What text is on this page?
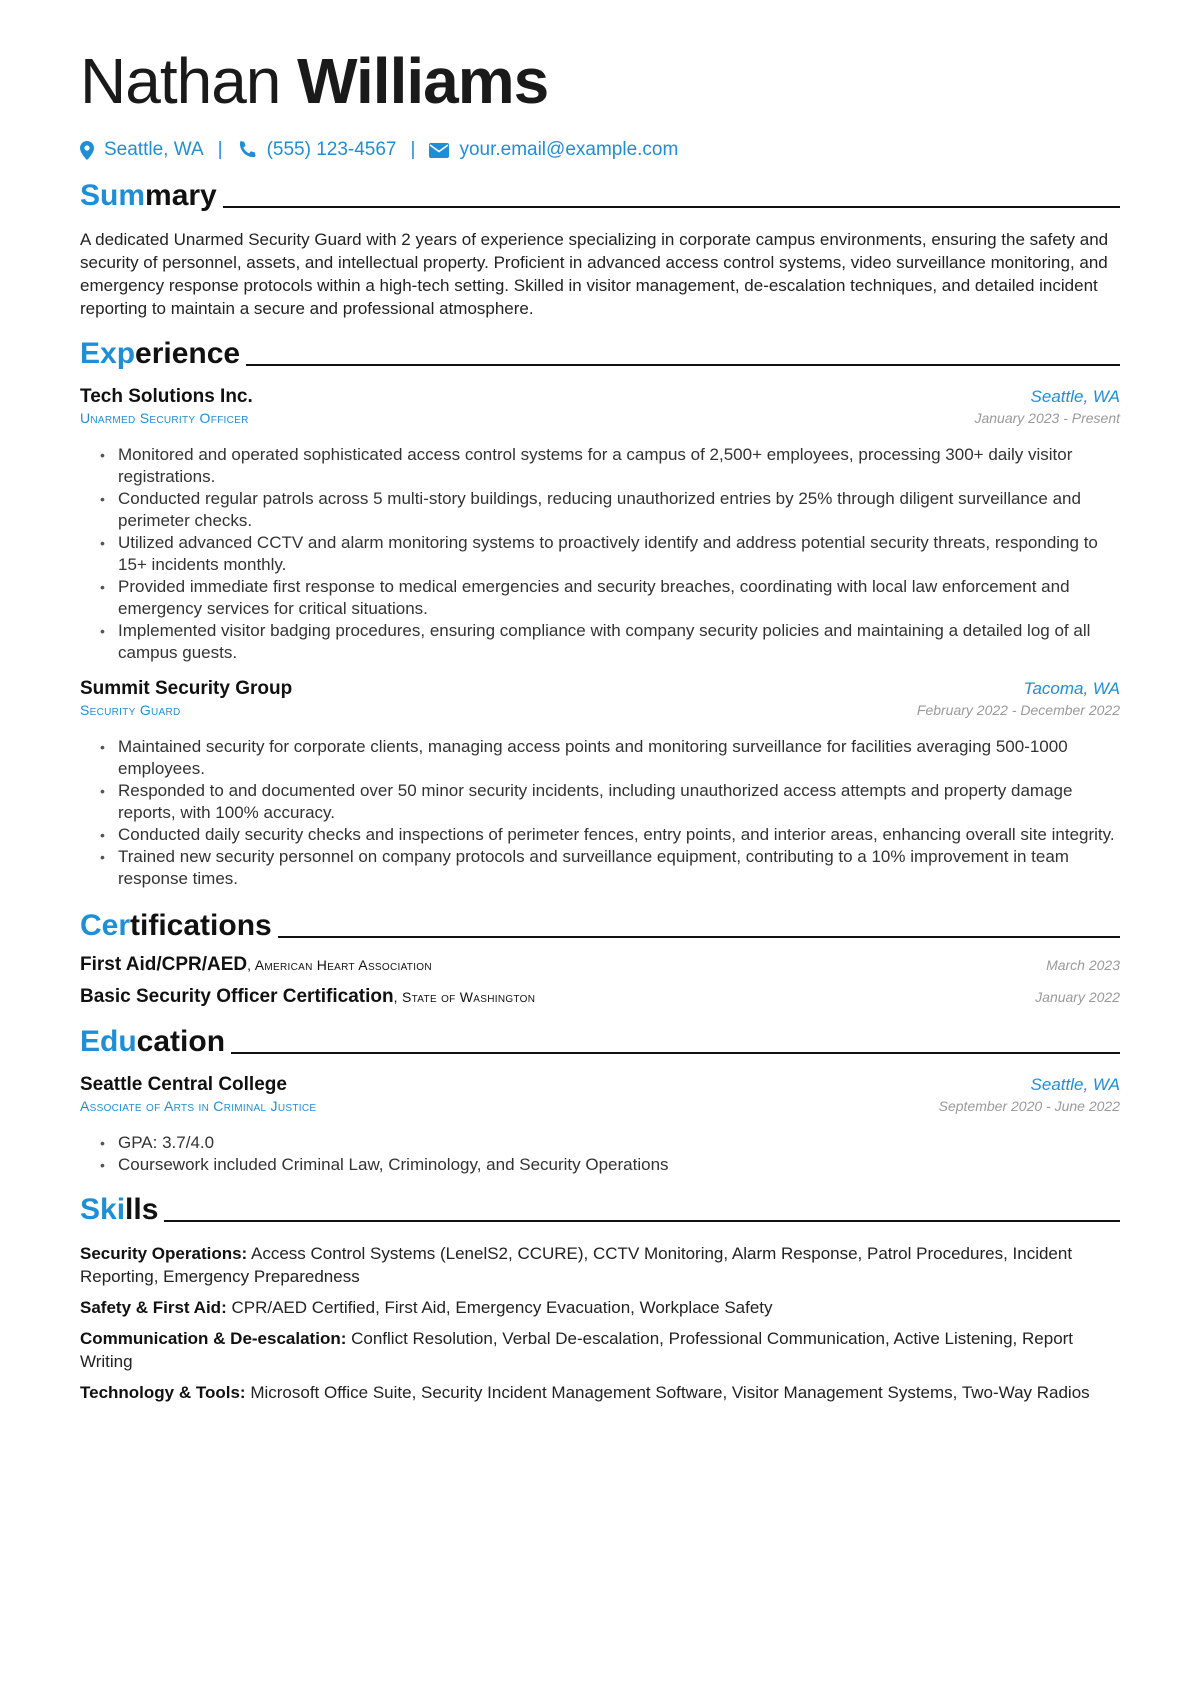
Nathan Williams
Seattle, WA | (555) 123-4567 | your.email@example.com
Summary
A dedicated Unarmed Security Guard with 2 years of experience specializing in corporate campus environments, ensuring the safety and security of personnel, assets, and intellectual property. Proficient in advanced access control systems, video surveillance monitoring, and emergency response protocols within a high-tech setting. Skilled in visitor management, de-escalation techniques, and detailed incident reporting to maintain a secure and professional atmosphere.
Experience
Tech Solutions Inc.	Seattle, WA
Unarmed Security Officer	January 2023 - Present
• Monitored and operated sophisticated access control systems for a campus of 2,500+ employees, processing 300+ daily visitor registrations.
• Conducted regular patrols across 5 multi-story buildings, reducing unauthorized entries by 25% through diligent surveillance and perimeter checks.
• Utilized advanced CCTV and alarm monitoring systems to proactively identify and address potential security threats, responding to 15+ incidents monthly.
• Provided immediate first response to medical emergencies and security breaches, coordinating with local law enforcement and emergency services for critical situations.
• Implemented visitor badging procedures, ensuring compliance with company security policies and maintaining a detailed log of all campus guests.
Summit Security Group	Tacoma, WA
Security Guard	February 2022 - December 2022
• Maintained security for corporate clients, managing access points and monitoring surveillance for facilities averaging 500-1000 employees.
• Responded to and documented over 50 minor security incidents, including unauthorized access attempts and property damage reports, with 100% accuracy.
• Conducted daily security checks and inspections of perimeter fences, entry points, and interior areas, enhancing overall site integrity.
• Trained new security personnel on company protocols and surveillance equipment, contributing to a 10% improvement in team response times.
Certifications
First Aid/CPR/AED, American Heart Association	March 2023
Basic Security Officer Certification, State of Washington	January 2022
Education
Seattle Central College	Seattle, WA
Associate of Arts in Criminal Justice	September 2020 - June 2022
• GPA: 3.7/4.0
• Coursework included Criminal Law, Criminology, and Security Operations
Skills
Security Operations: Access Control Systems (LenelS2, CCURE), CCTV Monitoring, Alarm Response, Patrol Procedures, Incident Reporting, Emergency Preparedness
Safety & First Aid: CPR/AED Certified, First Aid, Emergency Evacuation, Workplace Safety
Communication & De-escalation: Conflict Resolution, Verbal De-escalation, Professional Communication, Active Listening, Report Writing
Technology & Tools: Microsoft Office Suite, Security Incident Management Software, Visitor Management Systems, Two-Way Radios
